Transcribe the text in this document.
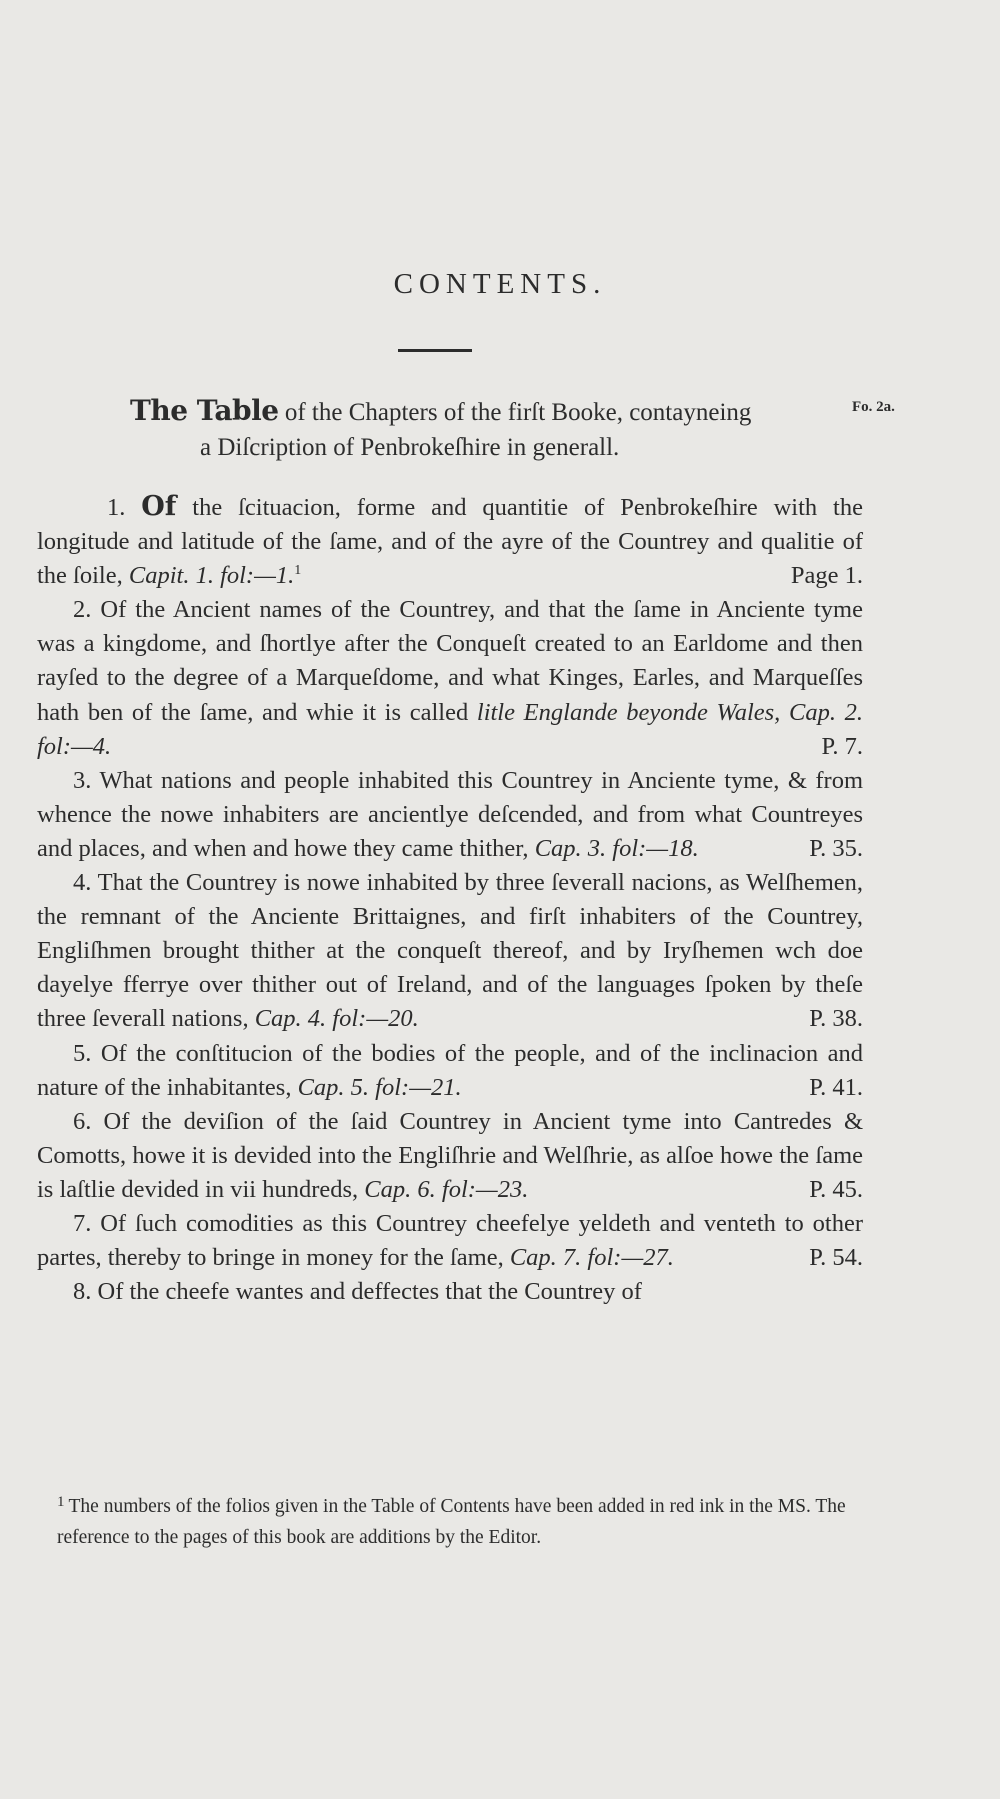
CONTENTS.
The Table of the Chapters of the firſt Booke, contayneing
a Diſcription of Penbrokeſhire in generall.
Fo. 2a.

1. Of the ſcituacion, forme and quantitie of Penbrokeſhire with the longitude and latitude of the ſame, and of the ayre of the Countrey and qualitie of the ſoile, Capit. 1. fol:—1.$^1$	Page 1.

2. Of the Ancient names of the Countrey, and that the ſame in Anciente tyme was a kingdome, and ſhortlye after the Conqueſt created to an Earldome and then rayſed to the degree of a Marqueſdome, and what Kinges, Earles, and Marqueſſes hath ben of the ſame, and whie it is called litle Englande beyonde Wales, Cap. 2. fol:—4.	P. 7.

3. What nations and people inhabited this Countrey in Anciente tyme, & from whence the nowe inhabiters are ancientlye deſcended, and from what Countreyes and places, and when and howe they came thither, Cap. 3. fol:—18.	P. 35.

4. That the Countrey is nowe inhabited by three ſeverall nacions, as Welſhemen, the remnant of the Anciente Brittaignes, and firſt inhabiters of the Countrey, Engliſhmen brought thither at the conqueſt thereof, and by Iryſhemen wch doe dayelye fferrye over thither out of Ireland, and of the languages ſpoken by theſe three ſeverall nations, Cap. 4. fol:—20.	P. 38.

5. Of the conſtitucion of the bodies of the people, and of the inclinacion and nature of the inhabitantes, Cap. 5. fol:—21.	P. 41.

6. Of the deviſion of the ſaid Countrey in Ancient tyme into Cantredes & Comotts, howe it is devided into the Engliſhrie and Welſhrie, as alſoe howe the ſame is laſtlie devided in vii hundreds, Cap. 6. fol:—23.	P. 45.

7. Of ſuch comodities as this Countrey cheefelye yeldeth and venteth to other partes, thereby to bringe in money for the ſame, Cap. 7. fol:—27.	P. 54.

8. Of the cheefe wantes and deffectes that the Countrey of

$^1$ The numbers of the folios given in the Table of Contents have been added in red ink in the MS. The reference to the pages of this book are additions by the Editor.
